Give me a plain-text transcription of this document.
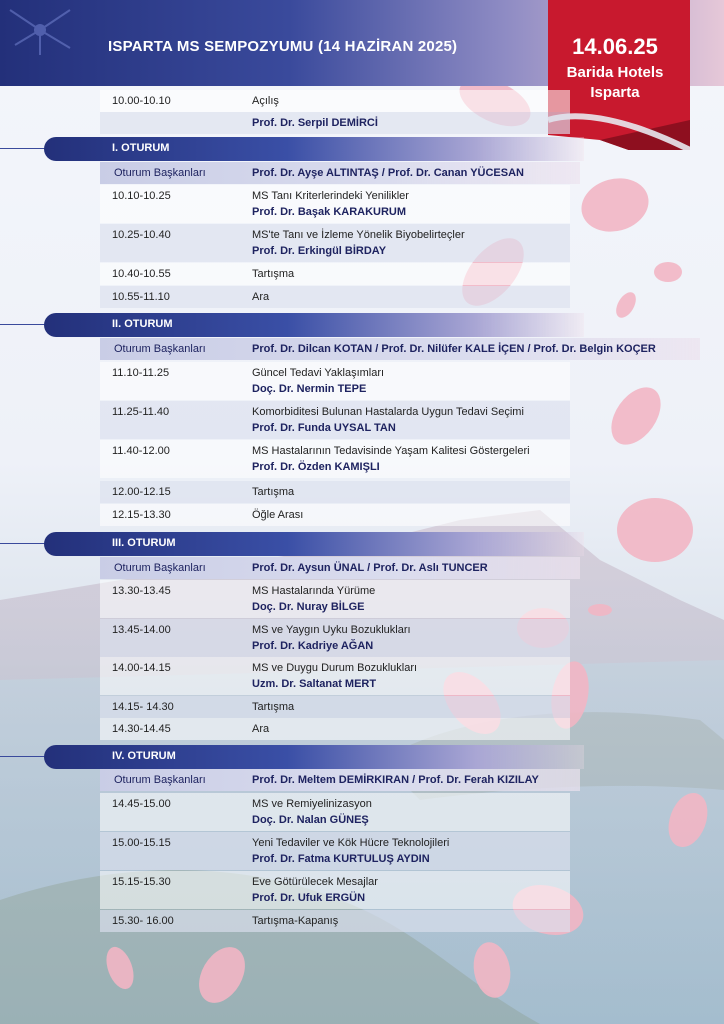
ISPARTA MS SEMPOZYUMU (14 HAZİRAN 2025)	14.06.25
Barida Hotels
Isparta
10.00-10.10	Açılış
Prof. Dr. Serpil DEMİRCİ
I. OTURUM
Oturum Başkanları	Prof. Dr. Ayşe ALTINTAŞ / Prof. Dr. Canan YÜCESAN
10.10-10.25	MS Tanı Kriterlerindeki Yenilikler
Prof. Dr. Başak KARAKURUM
10.25-10.40	MS'te Tanı ve İzleme Yönelik Biyobelirteçler
Prof. Dr. Erkingül BİRDAY
10.40-10.55	Tartışma
10.55-11.10	Ara
II. OTURUM
Oturum Başkanları	Prof. Dr. Dilcan KOTAN / Prof. Dr. Nilüfer KALE İÇEN / Prof. Dr. Belgin KOÇER
11.10-11.25	Güncel Tedavi Yaklaşımları
Doç. Dr. Nermin TEPE
11.25-11.40	Komorbiditesi Bulunan Hastalarda Uygun Tedavi Seçimi
Prof. Dr. Funda UYSAL TAN
11.40-12.00	MS Hastalarının Tedavisinde Yaşam Kalitesi Göstergeleri
Prof. Dr. Özden KAMIŞLI
12.00-12.15	Tartışma
12.15-13.30	Öğle Arası
III. OTURUM
Oturum Başkanları	Prof. Dr. Aysun ÜNAL / Prof. Dr. Aslı TUNCER
13.30-13.45	MS Hastalarında Yürüme
Doç. Dr. Nuray BİLGE
13.45-14.00	MS ve Yaygın Uyku Bozuklukları
Prof. Dr. Kadriye AĞAN
14.00-14.15	MS ve Duygu Durum Bozuklukları
Uzm. Dr. Saltanat MERT
14.15- 14.30	Tartışma
14.30-14.45	Ara
IV. OTURUM
Oturum Başkanları	Prof. Dr. Meltem DEMİRKIRAN / Prof. Dr. Ferah KIZILAY
14.45-15.00	MS ve Remiyelinizasyon
Doç. Dr. Nalan GÜNEŞ
15.00-15.15	Yeni Tedaviler ve Kök Hücre Teknolojileri
Prof. Dr. Fatma KURTULUŞ AYDIN
15.15-15.30	Eve Götürülecek Mesajlar
Prof. Dr. Ufuk ERGÜN
15.30- 16.00	Tartışma-Kapanış
